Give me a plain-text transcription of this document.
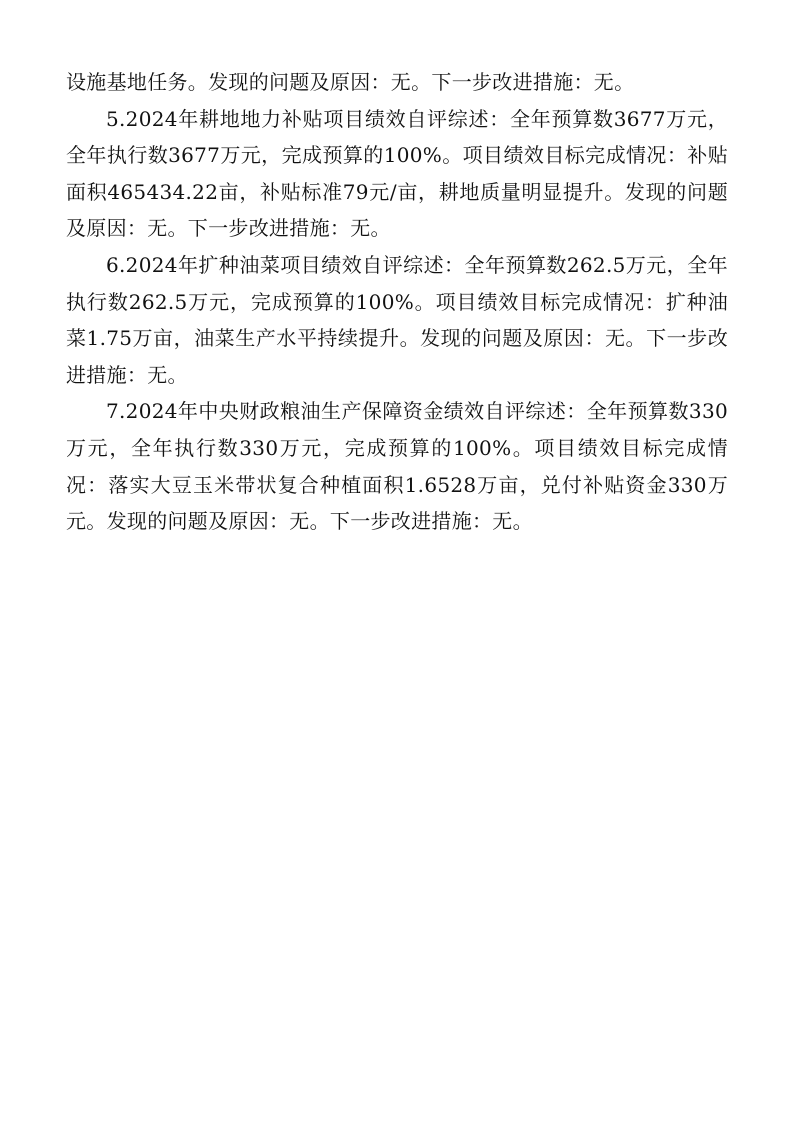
设施基地任务。发现的问题及原因：无。下一步改进措施：无。

5.2024年耕地地力补贴项目绩效自评综述：全年预算数3677万元，全年执行数3677万元，完成预算的100%。项目绩效目标完成情况：补贴面积465434.22亩，补贴标准79元/亩，耕地质量明显提升。发现的问题及原因：无。下一步改进措施：无。

6.2024年扩种油菜项目绩效自评综述：全年预算数262.5万元，全年执行数262.5万元，完成预算的100%。项目绩效目标完成情况：扩种油菜1.75万亩，油菜生产水平持续提升。发现的问题及原因：无。下一步改进措施：无。

7.2024年中央财政粮油生产保障资金绩效自评综述：全年预算数330万元，全年执行数330万元，完成预算的100%。项目绩效目标完成情况：落实大豆玉米带状复合种植面积1.6528万亩，兑付补贴资金330万元。发现的问题及原因：无。下一步改进措施：无。
